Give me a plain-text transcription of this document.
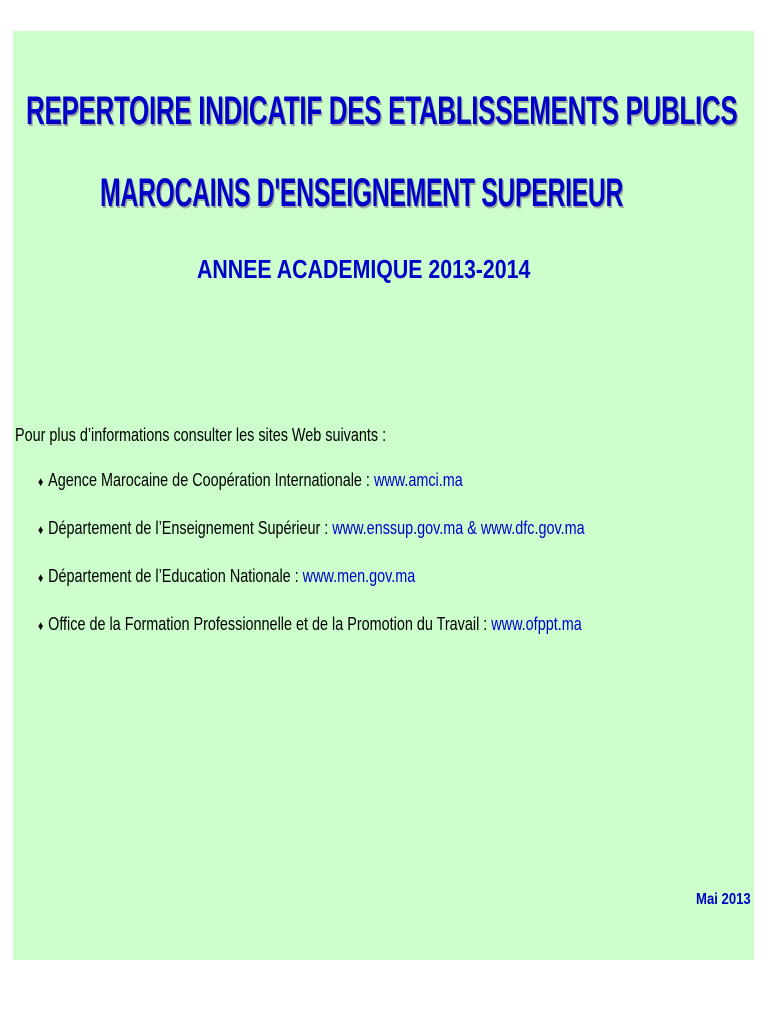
REPERTOIRE INDICATIF DES ETABLISSEMENTS PUBLICS
MAROCAINS D'ENSEIGNEMENT SUPERIEUR
ANNEE ACADEMIQUE 2013-2014
Pour plus d’informations consulter les sites Web suivants :
♦ Agence Marocaine de Coopération Internationale : www.amci.ma
♦ Département de l’Enseignement Supérieur : www.enssup.gov.ma & www.dfc.gov.ma
♦ Département de l’Education Nationale : www.men.gov.ma
♦ Office de la Formation Professionnelle et de la Promotion du Travail : www.ofppt.ma
Mai 2013
